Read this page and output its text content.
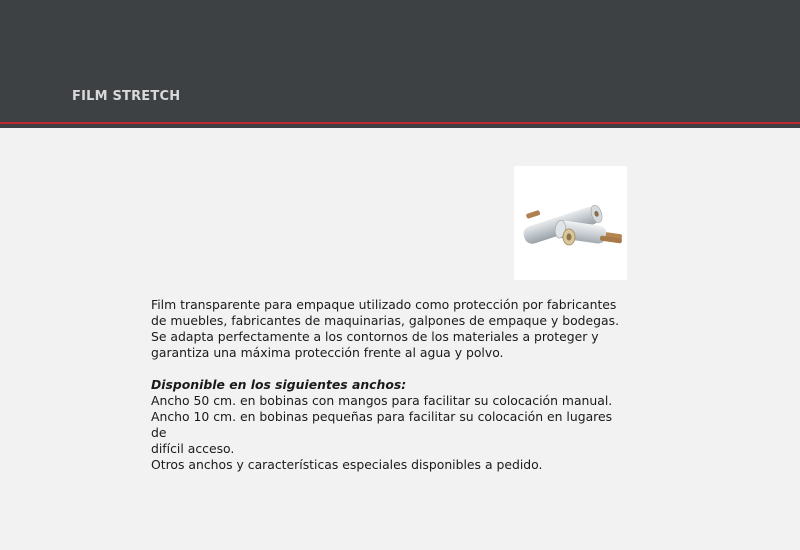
FILM STRETCH

Film transparente para empaque utilizado como protección por fabricantes

de muebles, fabricantes de maquinarias, galpones de empaque y bodegas.

Se adapta perfectamente a los contornos de los materiales a proteger y

garantiza una máxima protección frente al agua y polvo.

Disponible en los siguientes anchos:

Ancho 50 cm. en bobinas con mangos para facilitar su colocación manual.

Ancho 10 cm. en bobinas pequeñas para facilitar su colocación en lugares de

difícil acceso.

Otros anchos y características especiales disponibles a pedido.
